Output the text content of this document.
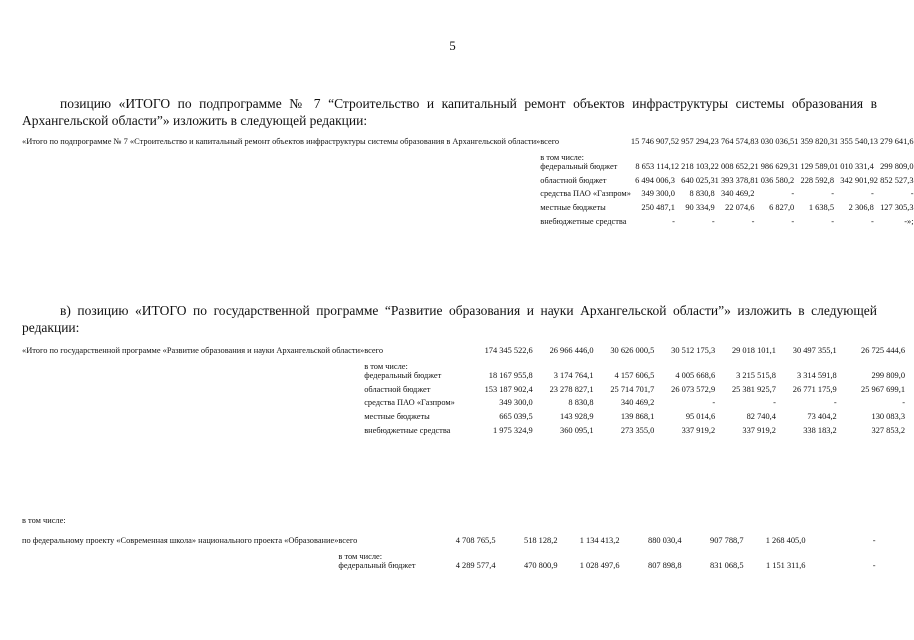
5
позицию «ИТОГО по подпрограмме № 7 “Строительство и капитальный ремонт объектов инфраструктуры системы образования в Архангельской области”» изложить в следующей редакции:
«Итого по подпрограмме № 7 «Строительство и капитальный ремонт объектов инфраструктуры системы образования в Архангельской области»	всего	15 746 907,5	2 957 294,2	3 764 574,8	3 030 036,5	1 359 820,3	1 355 540,1	3 279 641,6
	в том числе:							
	федеральный бюджет	8 653 114,1	2 218 103,2	2 008 652,2	1 986 629,3	1 129 589,0	1 010 331,4	299 809,0
	областной бюджет	6 494 006,3	640 025,3	1 393 378,8	1 036 580,2	228 592,8	342 901,9	2 852 527,3
	средства ПАО «Газпром»	349 300,0	8 830,8	340 469,2	-	-	-	-
	местные бюджеты	250 487,1	90 334,9	22 074,6	6 827,0	1 638,5	2 306,8	127 305,3
	внебюджетные средства	-	-	-	-	-	-	-»;
в) позицию «ИТОГО по государственной программе “Развитие образования и науки Архангельской области”» изложить в следующей редакции:
«Итого по государственной программе «Развитие образования и науки Архангельской области»	всего	174 345 522,6	26 966 446,0	30 626 000,5	30 512 175,3	29 018 101,1	30 497 355,1	26 725 444,6
	в том числе:							
	федеральный бюджет	18 167 955,8	3 174 764,1	4 157 606,5	4 005 668,6	3 215 515,8	3 314 591,8	299 809,0
	областной бюджет	153 187 902,4	23 278 827,1	25 714 701,7	26 073 572,9	25 381 925,7	26 771 175,9	25 967 699,1
	средства ПАО «Газпром»	349 300,0	8 830,8	340 469,2	-	-	-	-
	местные бюджеты	665 039,5	143 928,9	139 868,1	95 014,6	82 740,4	73 404,2	130 083,3
	внебюджетные средства	1 975 324,9	360 095,1	273 355,0	337 919,2	337 919,2	338 183,2	327 853,2
в том числе:
по федеральному проекту «Современная школа» национального проекта «Образование»	всего	4 708 765,5	518 128,2	1 134 413,2	880 030,4	907 788,7	1 268 405,0	-
	в том числе:							
	федеральный бюджет	4 289 577,4	470 800,9	1 028 497,6	807 898,8	831 068,5	1 151 311,6	-
